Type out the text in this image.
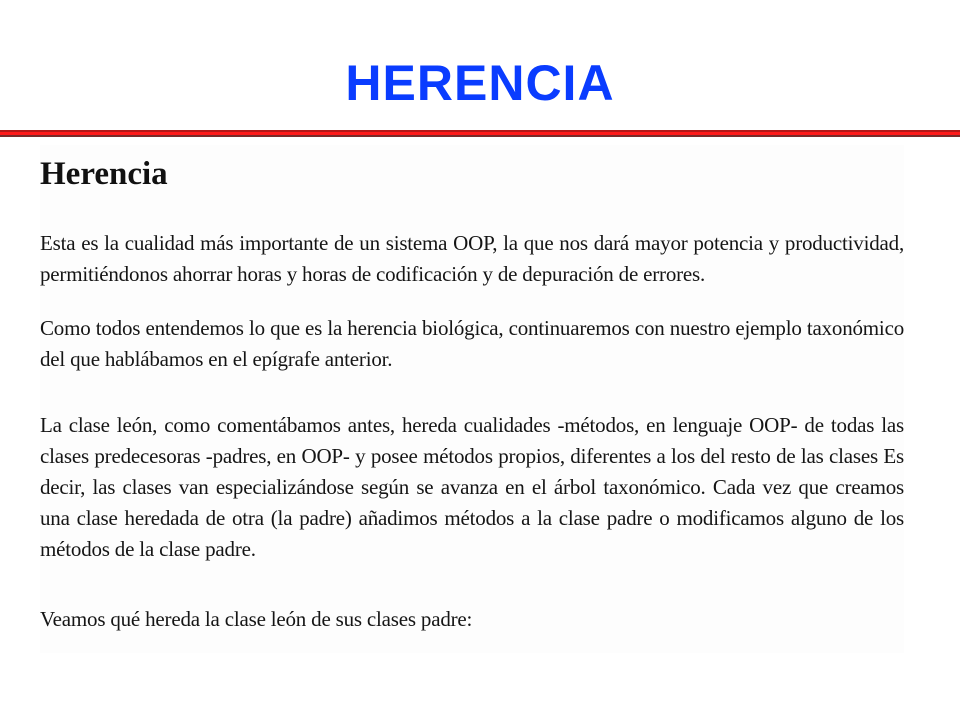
HERENCIA
Herencia

Esta es la cualidad más importante de un sistema OOP, la que nos dará mayor potencia y productividad, permitiéndonos ahorrar horas y horas de codificación y de depuración de errores.

Como todos entendemos lo que es la herencia biológica, continuaremos con nuestro ejemplo taxonómico del que hablábamos en el epígrafe anterior.

La clase león, como comentábamos antes, hereda cualidades -métodos, en lenguaje OOP- de todas las clases predecesoras -padres, en OOP- y posee métodos propios, diferentes a los del resto de las clases Es decir, las clases van especializándose según se avanza en el árbol taxonómico. Cada vez que creamos una clase heredada de otra (la padre) añadimos métodos a la clase padre o modificamos alguno de los métodos de la clase padre.

Veamos qué hereda la clase león de sus clases padre:
